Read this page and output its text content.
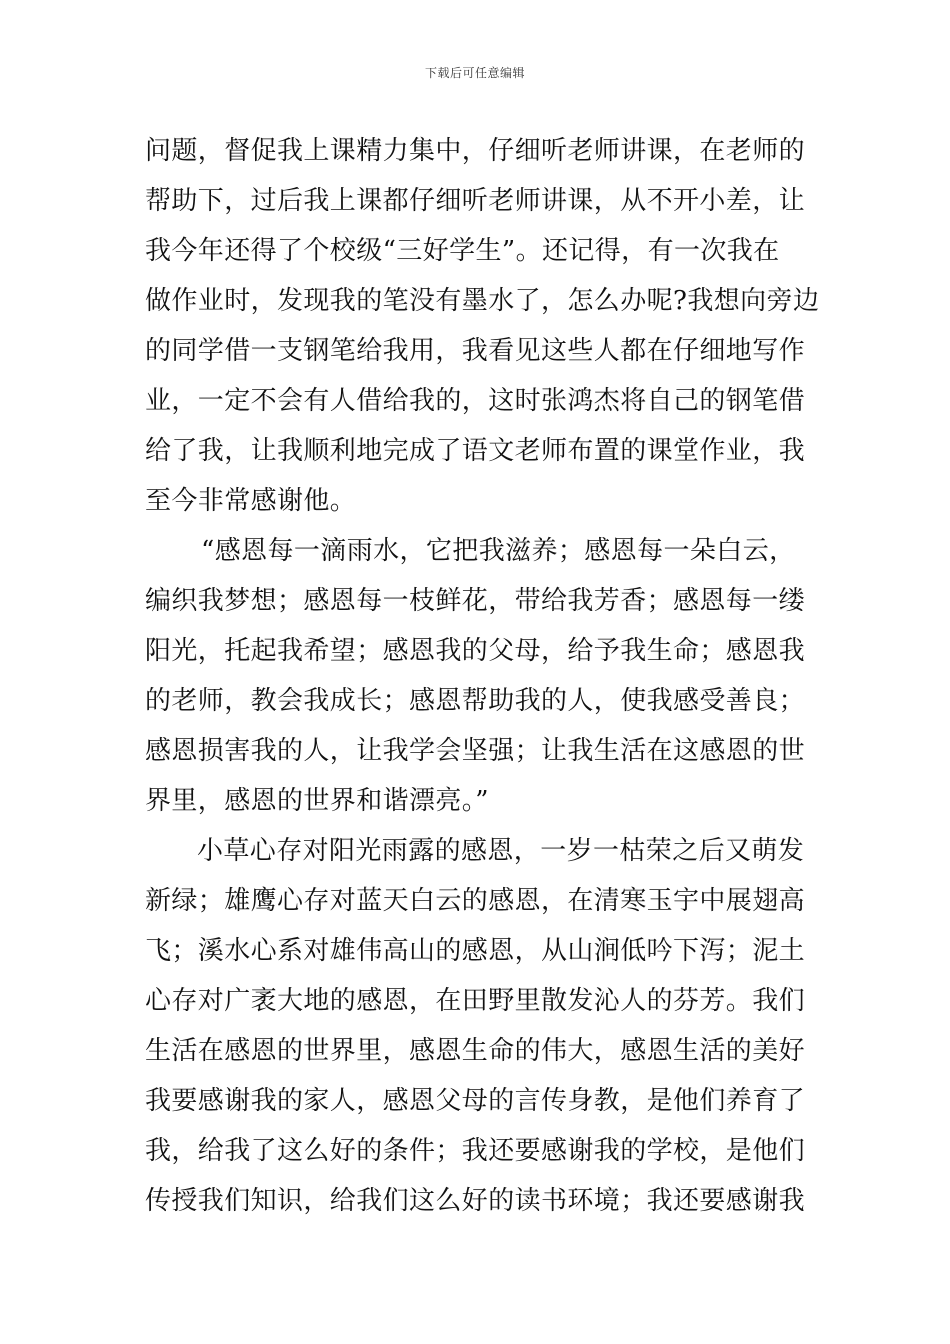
下载后可任意编辑
问题，督促我上课精力集中，仔细听老师讲课，在老师的
帮助下，过后我上课都仔细听老师讲课，从不开小差，让
我今年还得了个校级“三好学生”。还记得，有一次我在
做作业时，发现我的笔没有墨水了，怎么办呢?我想向旁边
的同学借一支钢笔给我用，我看见这些人都在仔细地写作
业，一定不会有人借给我的，这时张鸿杰将自己的钢笔借
给了我，让我顺利地完成了语文老师布置的课堂作业，我
至今非常感谢他。
“感恩每一滴雨水，它把我滋养；感恩每一朵白云，
编织我梦想；感恩每一枝鲜花，带给我芳香；感恩每一缕
阳光，托起我希望；感恩我的父母，给予我生命；感恩我
的老师，教会我成长；感恩帮助我的人，使我感受善良；
感恩损害我的人，让我学会坚强；让我生活在这感恩的世
界里，感恩的世界和谐漂亮。”
小草心存对阳光雨露的感恩，一岁一枯荣之后又萌发
新绿；雄鹰心存对蓝天白云的感恩，在清寒玉宇中展翅高
飞；溪水心系对雄伟高山的感恩，从山涧低吟下泻；泥土
心存对广袤大地的感恩，在田野里散发沁人的芬芳。我们
生活在感恩的世界里，感恩生命的伟大，感恩生活的美好
我要感谢我的家人，感恩父母的言传身教，是他们养育了
我，给我了这么好的条件；我还要感谢我的学校，是他们
传授我们知识，给我们这么好的读书环境；我还要感谢我
